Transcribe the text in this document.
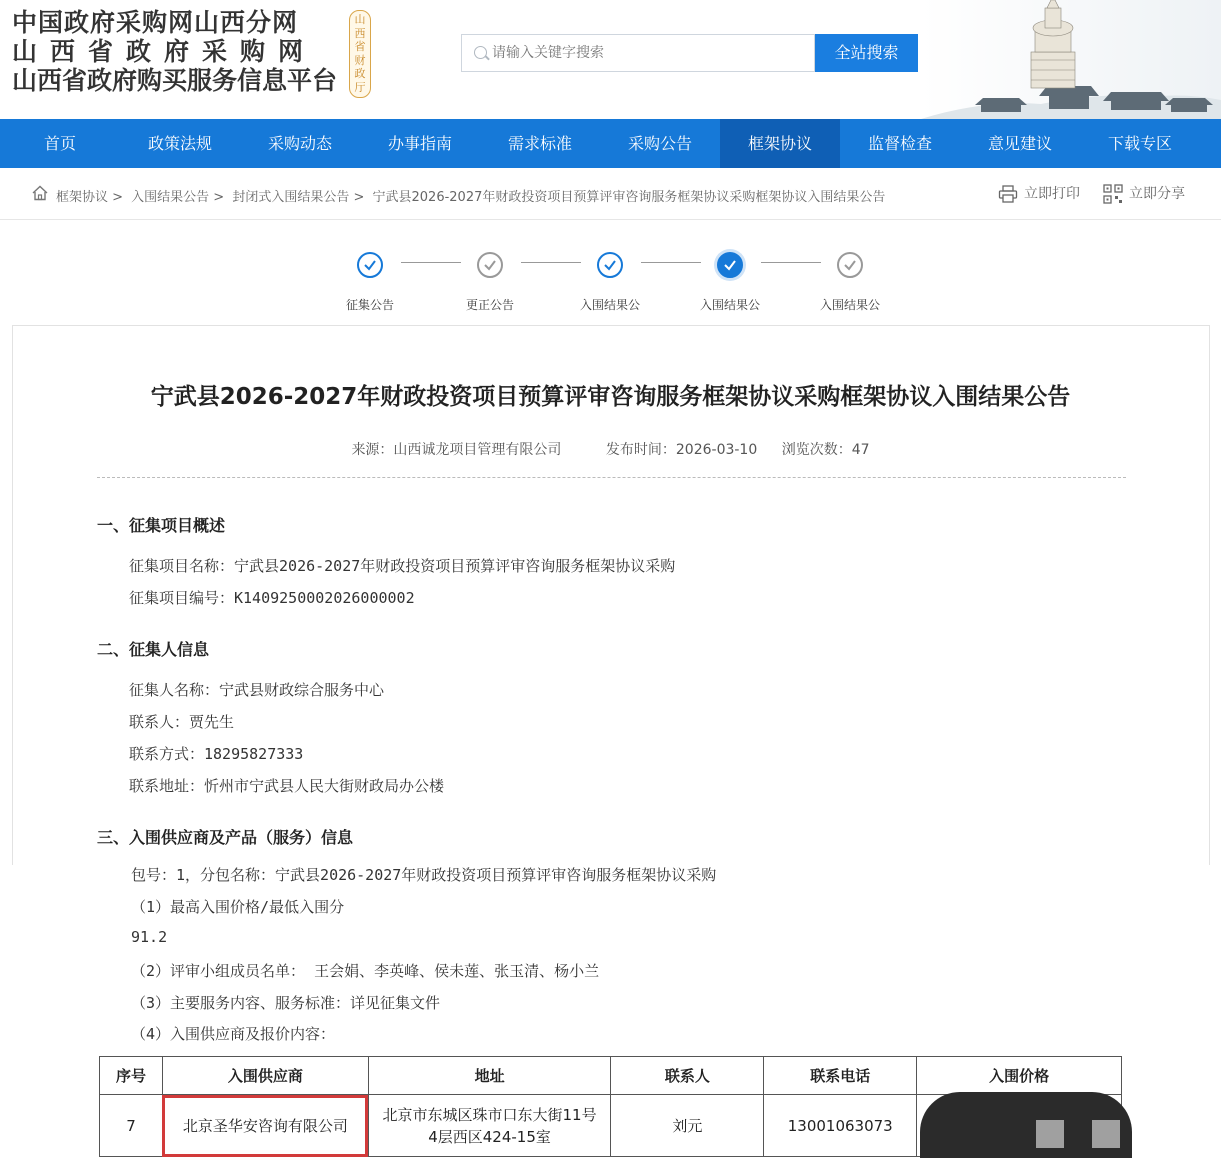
中国政府采购网山西分网
山西省政府采购网
山西省政府购买服务信息平台
山西省财政厅
请输入关键字搜索
全站搜索
首页	政策法规	采购动态	办事指南	需求标准	采购公告	框架协议	监督检查	意见建议	下载专区
框架协议 > 入围结果公告 > 封闭式入围结果公告 > 宁武县2026-2027年财政投资项目预算评审咨询服务框架协议采购框架协议入围结果公告	立即打印	立即分享
征集公告	更正公告	入围结果公	入围结果公	入围结果公
宁武县2026-2027年财政投资项目预算评审咨询服务框架协议采购框架协议入围结果公告
来源：山西诚龙项目管理有限公司	发布时间：2026-03-10 浏览次数：47
一、征集项目概述
征集项目名称：宁武县2026-2027年财政投资项目预算评审咨询服务框架协议采购
征集项目编号：K1409250002026000002
二、征集人信息
征集人名称：宁武县财政综合服务中心
联系人：贾先生
联系方式：18295827333
联系地址：忻州市宁武县人民大街财政局办公楼
三、入围供应商及产品（服务）信息
包号：1，分包名称：宁武县2026-2027年财政投资项目预算评审咨询服务框架协议采购
（1）最高入围价格/最低入围分
91.2
（2）评审小组成员名单： 王会娟、李英峰、侯未莲、张玉清、杨小兰
（3）主要服务内容、服务标准：详见征集文件
（4）入围供应商及报价内容：
序号	入围供应商	地址	联系人	联系电话	入围价格
7	北京圣华安咨询有限公司	北京市东城区珠市口东大街11号
4层西区424-15室	刘元	13001063073	
